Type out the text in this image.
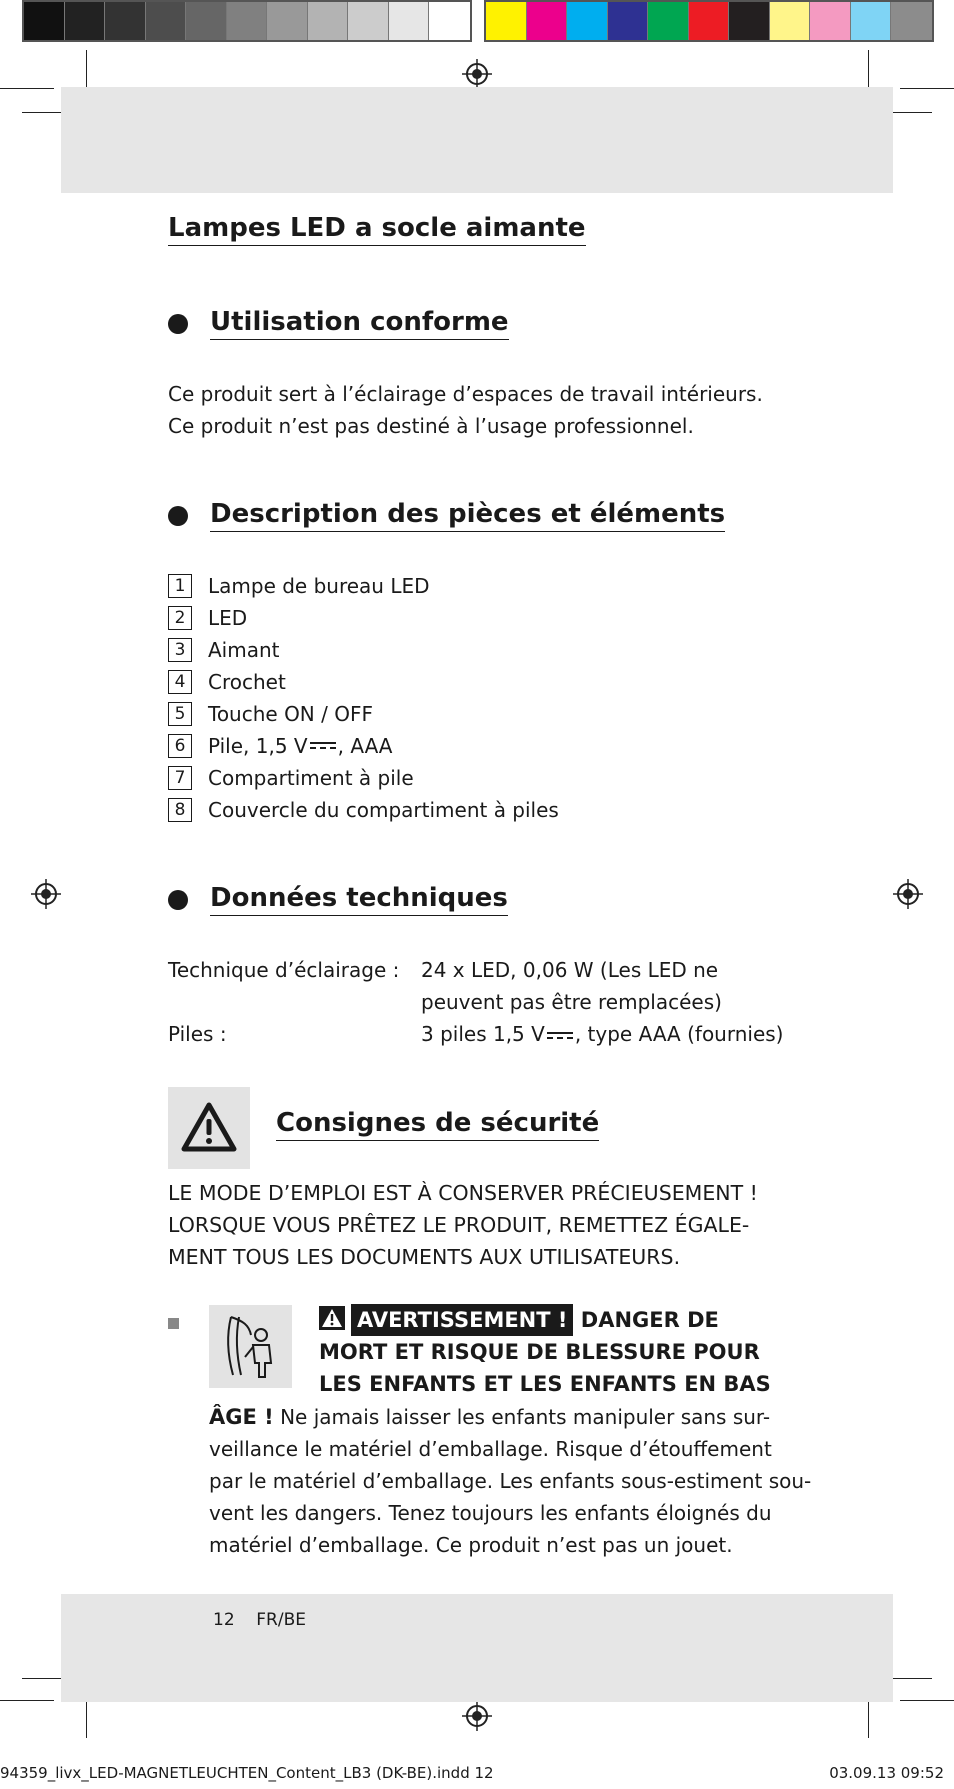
Lampes LED a socle aimante
Utilisation conforme
Ce produit sert à l’éclairage d’espaces de travail intérieurs.
Ce produit n’est pas destiné à l’usage professionnel.
Description des pièces et éléments
1	Lampe de bureau LED
2	LED
3	Aimant
4	Crochet
5	Touche ON / OFF
6	Pile, 1,5 V , AAA
7	Compartiment à pile
8	Couvercle du compartiment à piles
Données techniques
Technique d’éclairage :	24 x LED, 0,06 W (Les LED ne
peuvent pas être remplacées)
Piles :	3 piles 1,5 V , type AAA (fournies)
Consignes de sécurité
LE MODE D’EMPLOI EST À CONSERVER PRÉCIEUSEMENT !
LORSQUE VOUS PRÊTEZ LE PRODUIT, REMETTEZ ÉGALE-
MENT TOUS LES DOCUMENTS AUX UTILISATEURS.
AVERTISSEMENT ! DANGER DE
MORT ET RISQUE DE BLESSURE POUR
LES ENFANTS ET LES ENFANTS EN BAS
ÂGE ! Ne jamais laisser les enfants manipuler sans sur-
veillance le matériel d’emballage. Risque d’étouffement
par le matériel d’emballage. Les enfants sous-estiment sou-
vent les dangers. Tenez toujours les enfants éloignés du
matériel d’emballage. Ce produit n’est pas un jouet.
12 FR/BE
94359_livx_LED-MAGNETLEUCHTEN_Content_LB3 (DK-BE).indd 12	03.09.13 09:52
